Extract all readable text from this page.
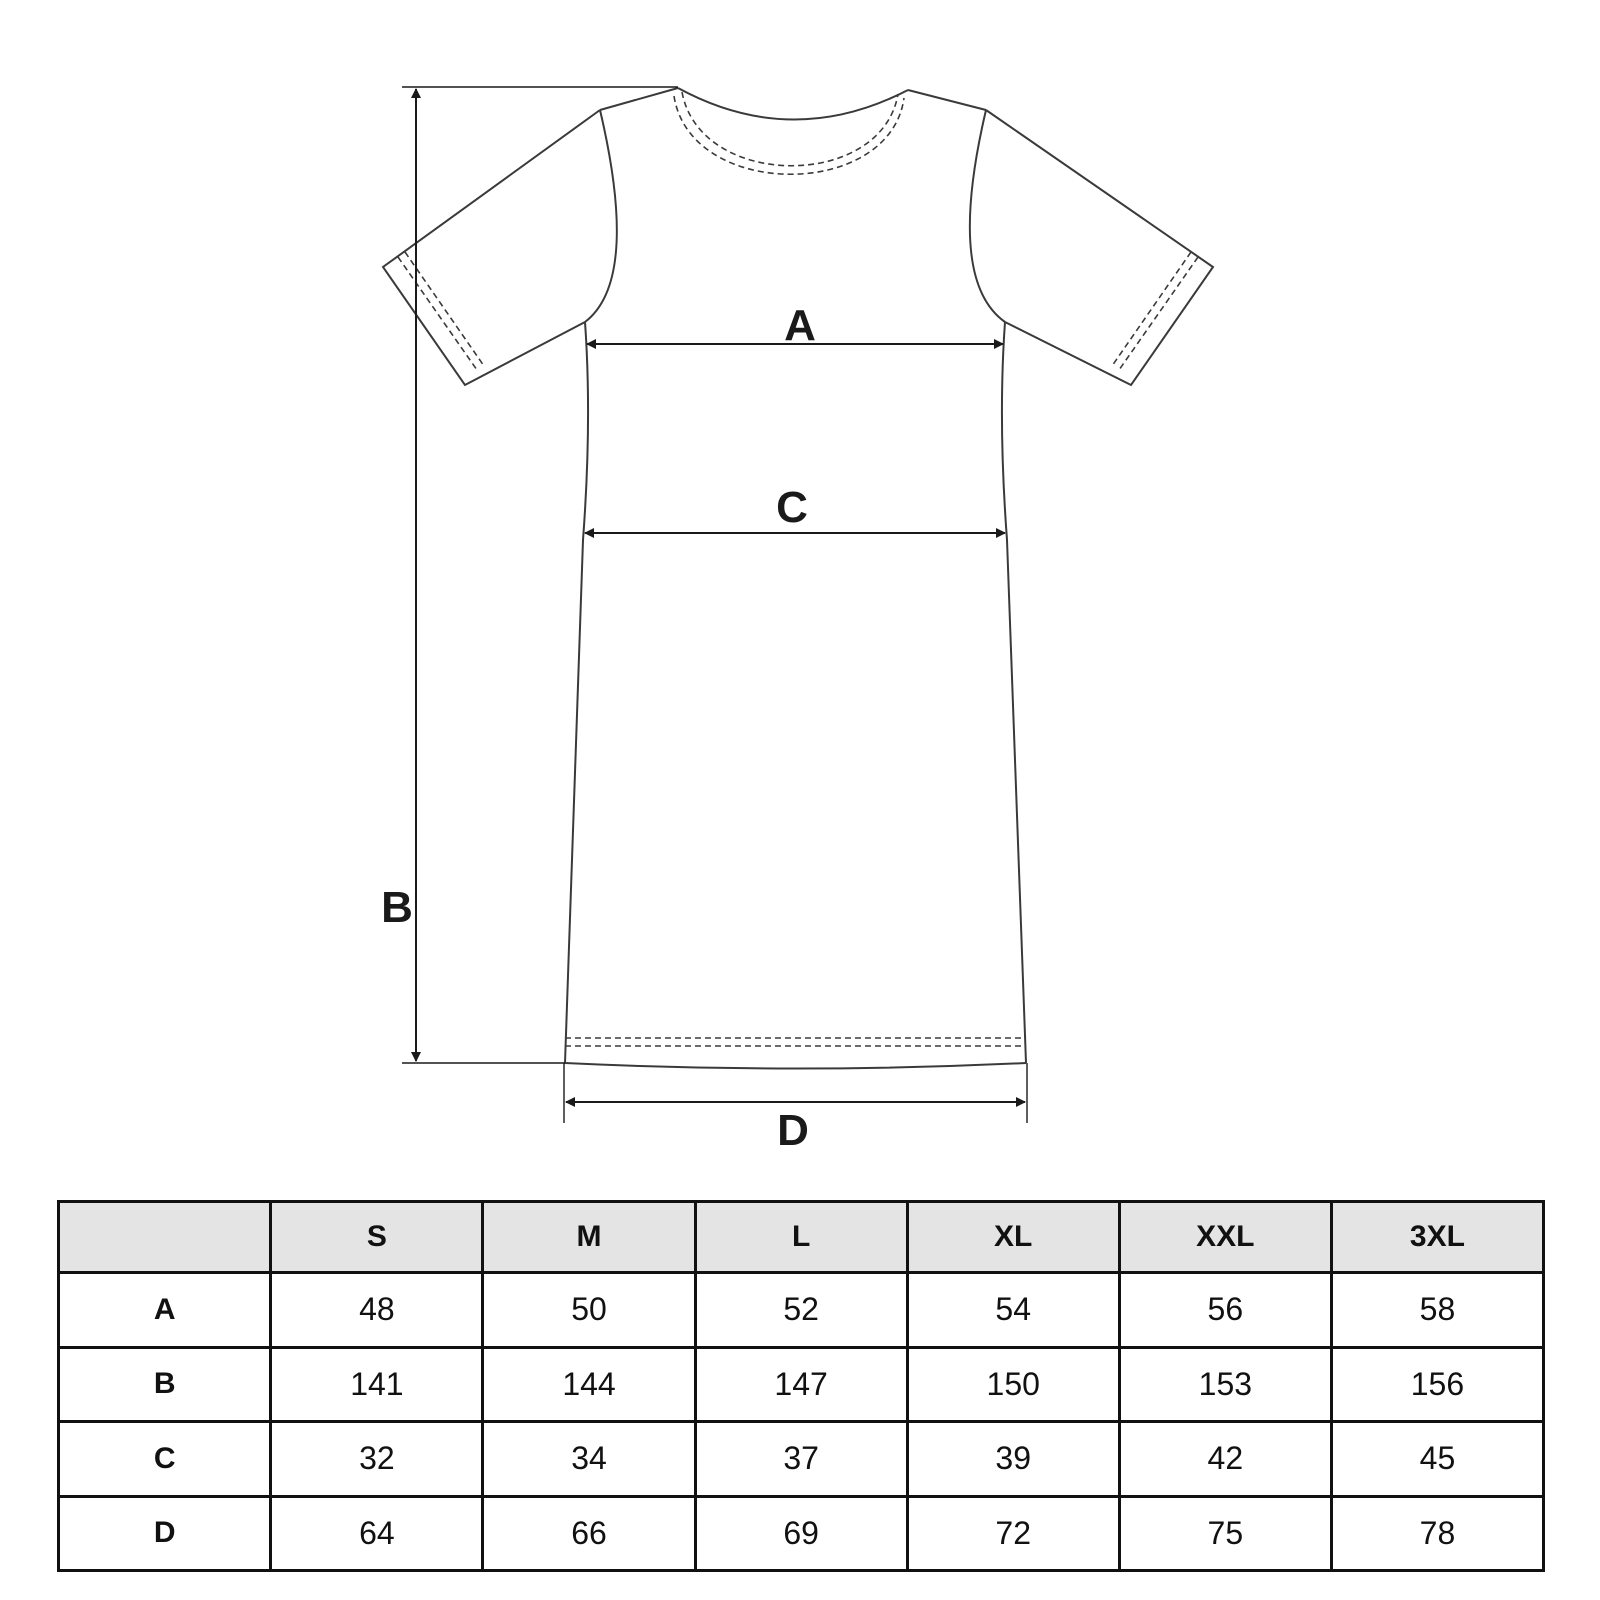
A
C
B
D
	S	M	L	XL	XXL	3XL
A	48	50	52	54	56	58
B	141	144	147	150	153	156
C	32	34	37	39	42	45
D	64	66	69	72	75	78
